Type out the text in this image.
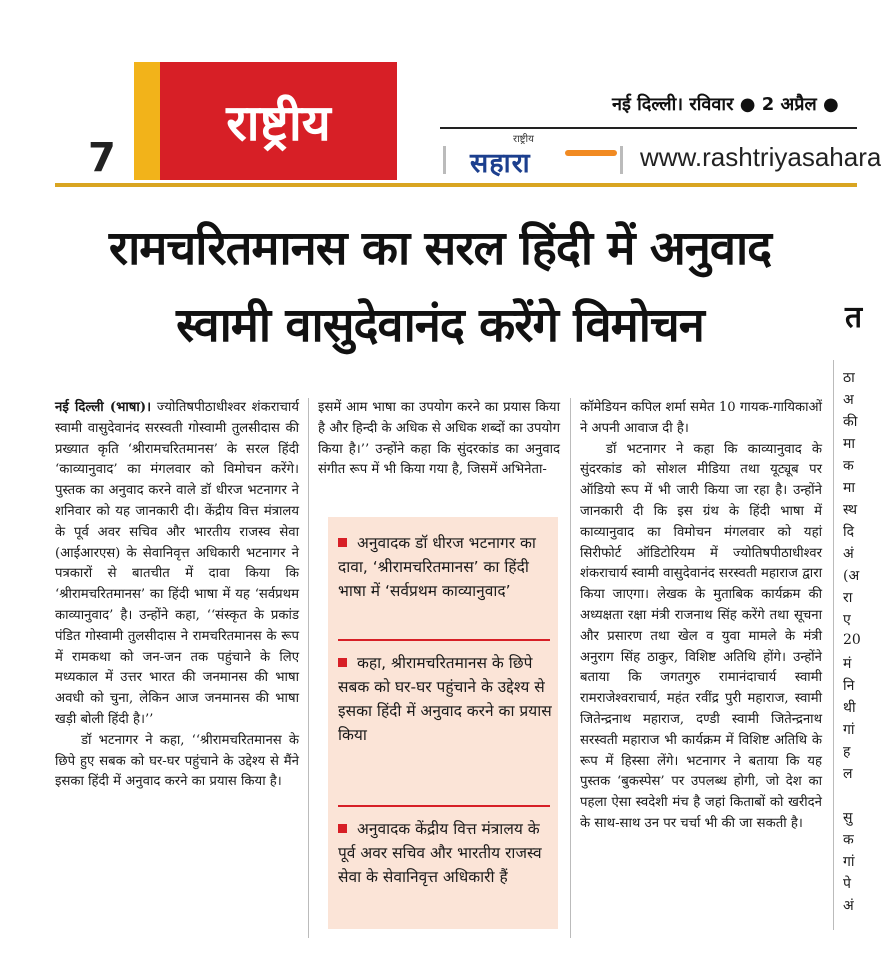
7
राष्ट्रीय	नई दिल्ली। रविवार ● 2 अप्रैल ●
राष्ट्रीय
सहारा	www.rashtriyasahara
रामचरितमानस का सरल हिंदी में अनुवाद
स्वामी वासुदेवानंद करेंगे विमोचन

नई दिल्ली (भाषा)। ज्योतिषपीठाधीश्वर शंकराचार्य स्वामी वासुदेवानंद सरस्वती गोस्वामी तुलसीदास की प्रख्यात कृति ‘श्रीरामचरितमानस’ के सरल हिंदी ‘काव्यानुवाद’ का मंगलवार को विमोचन करेंगे। पुस्तक का अनुवाद करने वाले डॉ धीरज भटनागर ने शनिवार को यह जानकारी दी। केंद्रीय वित्त मंत्रालय के पूर्व अवर सचिव और भारतीय राजस्व सेवा (आईआरएस) के सेवानिवृत्त अधिकारी भटनागर ने पत्रकारों से बातचीत में दावा किया कि ‘श्रीरामचरितमानस’ का हिंदी भाषा में यह ‘सर्वप्रथम काव्यानुवाद’ है। उन्होंने कहा, ‘‘संस्कृत के प्रकांड पंडित गोस्वामी तुलसीदास ने रामचरितमानस के रूप में रामकथा को जन-जन तक पहुंचाने के लिए मध्यकाल में उत्तर भारत की जनमानस की भाषा अवधी को चुना, लेकिन आज जनमानस की भाषा खड़ी बोली हिंदी है।’’

डॉ भटनागर ने कहा, ‘‘श्रीरामचरितमानस के छिपे हुए सबक को घर-घर पहुंचाने के उद्देश्य से मैंने इसका हिंदी में अनुवाद करने का प्रयास किया है।

इसमें आम भाषा का उपयोग करने का प्रयास किया है और हिन्दी के अधिक से अधिक शब्दों का उपयोग किया है।’’ उन्होंने कहा कि सुंदरकांड का अनुवाद संगीत रूप में भी किया गया है, जिसमें अभिनेता-

अनुवादक डॉ धीरज भटनागर का दावा, ‘श्रीरामचरितमानस’ का हिंदी भाषा में ‘सर्वप्रथम काव्यानुवाद’
कहा, श्रीरामचरितमानस के छिपे सबक को घर-घर पहुंचाने के उद्देश्य से इसका हिंदी में अनुवाद करने का प्रयास किया
अनुवादक केंद्रीय वित्त मंत्रालय के पूर्व अवर सचिव और भारतीय राजस्व सेवा के सेवानिवृत्त अधिकारी हैं

कॉमेडियन कपिल शर्मा समेत 10 गायक-गायिकाओं ने अपनी आवाज दी है।

डॉ भटनागर ने कहा कि काव्यानुवाद के सुंदरकांड को सोशल मीडिया तथा यूट्यूब पर ऑडियो रूप में भी जारी किया जा रहा है। उन्होंने जानकारी दी कि इस ग्रंथ के हिंदी भाषा में काव्यानुवाद का विमोचन मंगलवार को यहां सिरीफोर्ट ऑडिटोरियम में ज्योतिषपीठाधीश्वर शंकराचार्य स्वामी वासुदेवानंद सरस्वती महाराज द्वारा किया जाएगा। लेखक के मुताबिक कार्यक्रम की अध्यक्षता रक्षा मंत्री राजनाथ सिंह करेंगे तथा सूचना और प्रसारण तथा खेल व युवा मामले के मंत्री अनुराग सिंह ठाकुर, विशिष्ट अतिथि होंगे। उन्होंने बताया कि जगतगुरु रामानंदाचार्य स्वामी रामराजेश्वराचार्य, महंत रवींद्र पुरी महाराज, स्वामी जितेन्द्रनाथ महाराज, दण्डी स्वामी जितेन्द्रनाथ सरस्वती महाराज भी कार्यक्रम में विशिष्ट अतिथि के रूप में हिस्सा लेंगे। भटनागर ने बताया कि यह पुस्तक ‘बुकस्पेस’ पर उपलब्ध होगी, जो देश का पहला ऐसा स्वदेशी मंच है जहां किताबों को खरीदने के साथ-साथ उन पर चर्चा भी की जा सकती है।

त
ठा
अ
की
मा
क
मा
स्थ
दि
अं
(अ
रा
ए
20
मं
नि
थी
गां
ह
ल
सु
क
गां
पे
अं
